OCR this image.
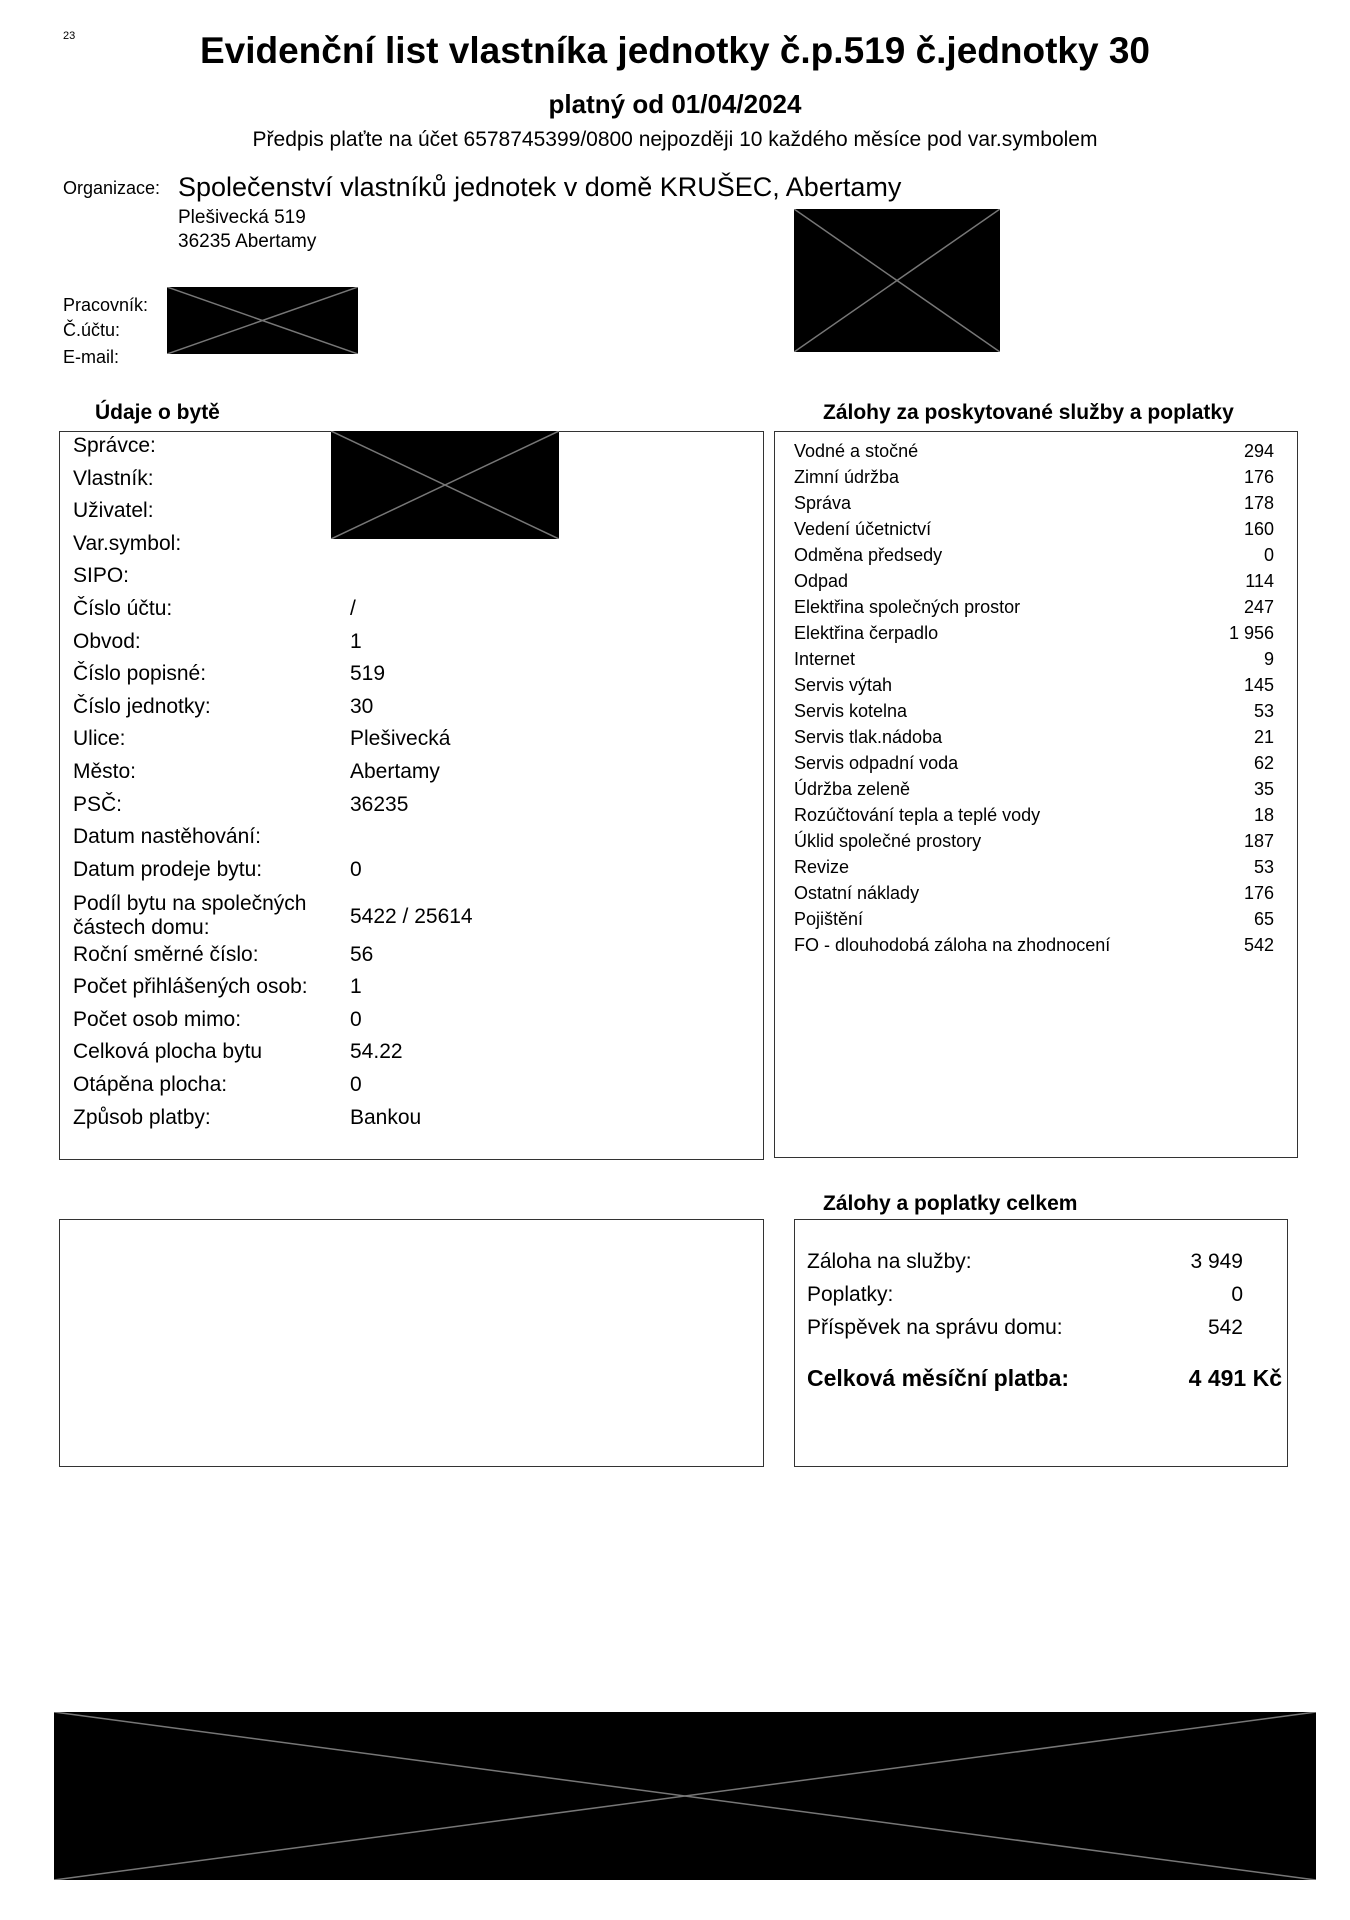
23	Evidenční list vlastníka jednotky č.p.519 č.jednotky 30
platný od 01/04/2024
Předpis plaťte na účet 6578745399/0800 nejpozději 10 každého měsíce pod var.symbolem
Organizace: Společenství vlastníků jednotek v domě KRUŠEC, Abertamy
Plešivecká 519
36235 Abertamy
Pracovník:
Č.účtu:
E-mail:
Údaje o bytě
Správce:
Vlastník:
Uživatel:
Var.symbol:
SIPO:
Číslo účtu:	/
Obvod:	1
Číslo popisné:	519
Číslo jednotky:	30
Ulice:	Plešivecká
Město:	Abertamy
PSČ:	36235
Datum nastěhování:
Datum prodeje bytu:	0
Podíl bytu na společných
částech domu:	5422 / 25614
Roční směrné číslo:	56
Počet přihlášených osob: 1
Počet osob mimo:	0
Celková plocha bytu	54.22
Otápěna plocha:	0
Způsob platby:	Bankou
Zálohy za poskytované služby a poplatky
Vodné a stočné	294
Zimní údržba	176
Správa	178
Vedení účetnictví	160
Odměna předsedy	0
Odpad	114
Elektřina společných prostor	247
Elektřina čerpadlo	1 956
Internet	9
Servis výtah	145
Servis kotelna	53
Servis tlak.nádoba	21
Servis odpadní voda	62
Údržba zeleně	35
Rozúčtování tepla a teplé vody	18
Úklid společné prostory	187
Revize	53
Ostatní náklady	176
Pojištění	65
FO - dlouhodobá záloha na zhodnocení	542
Zálohy a poplatky celkem
Záloha na služby:	3 949
Poplatky:	0
Příspěvek na správu domu:	542
Celková měsíční platba:	4 491 Kč
